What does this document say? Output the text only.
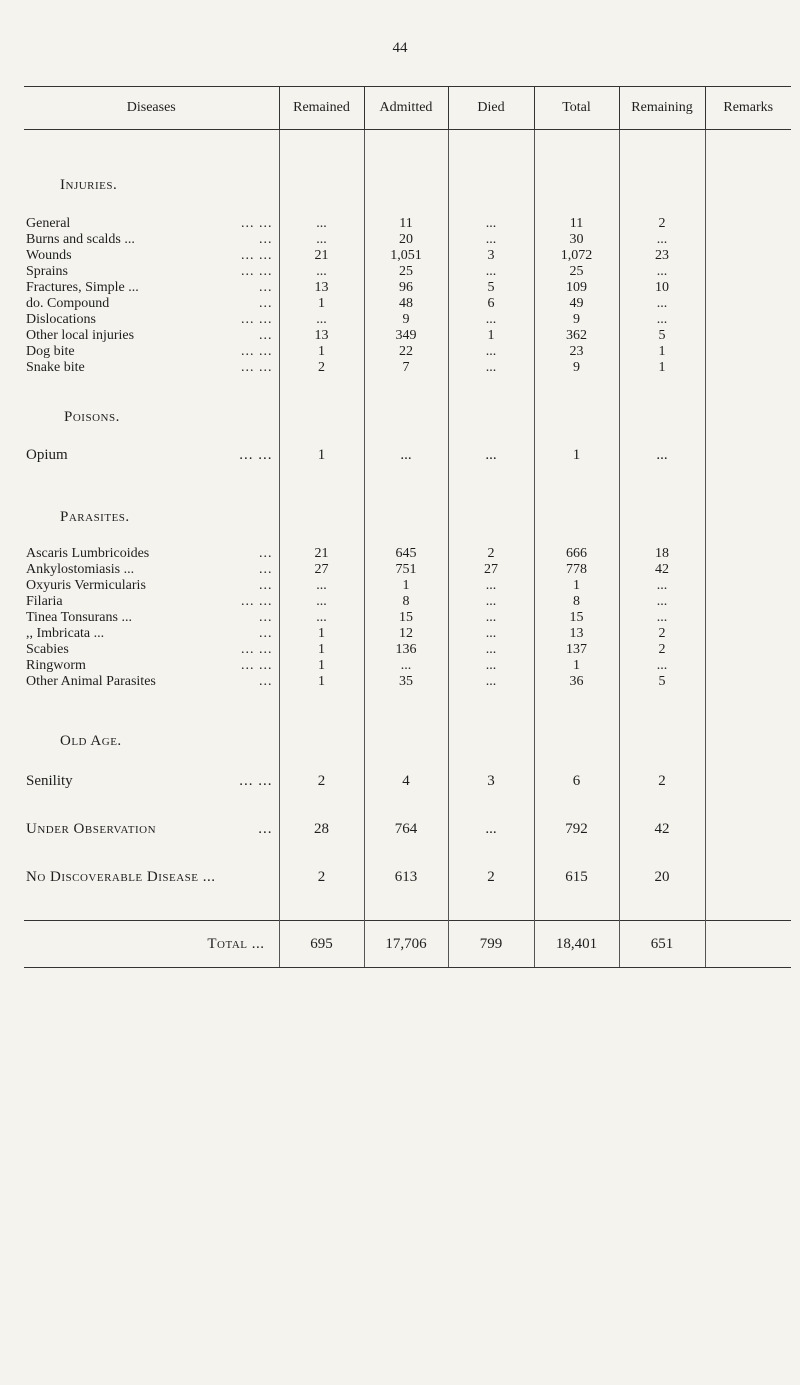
44
Diseases	Remained	Admitted	Died	Total	Remaining	Remarks

Injuries.						

General ... ...	...	11	...	11	2	
Burns and scalds ... ...	...	20	...	30	...	
Wounds ... ...	21	1,051	3	1,072	23	
Sprains ... ...	...	25	...	25	...	
Fractures, Simple ... ...	13	96	5	109	10	
do. Compound ...	1	48	6	49	...	
Dislocations ... ...	...	9	...	9	...	
Other local injuries ...	13	349	1	362	5	
Dog bite ... ...	1	22	...	23	1	
Snake bite ... ...	2	7	...	9	1	

Poisons.						

Opium ... ...	1	...	...	1	...	

Parasites.						

Ascaris Lumbricoides ...	21	645	2	666	18	
Ankylostomiasis ... ...	27	751	27	778	42	
Oxyuris Vermicularis ...	...	1	...	1	...	
Filaria ... ...	...	8	...	8	...	
Tinea Tonsurans ... ...	...	15	...	15	...	
,, Imbricata ... ...	1	12	...	13	2	
Scabies ... ...	1	136	...	137	2	
Ringworm ... ...	1	...	...	1	...	
Other Animal Parasites ...	1	35	...	36	5	

Old Age.						

Senility ... ...	2	4	3	6	2	

Under Observation ...	28	764	...	792	42	

No Discoverable Disease ...	2	613	2	615	20	

Total ...	695	17,706	799	18,401	651	
